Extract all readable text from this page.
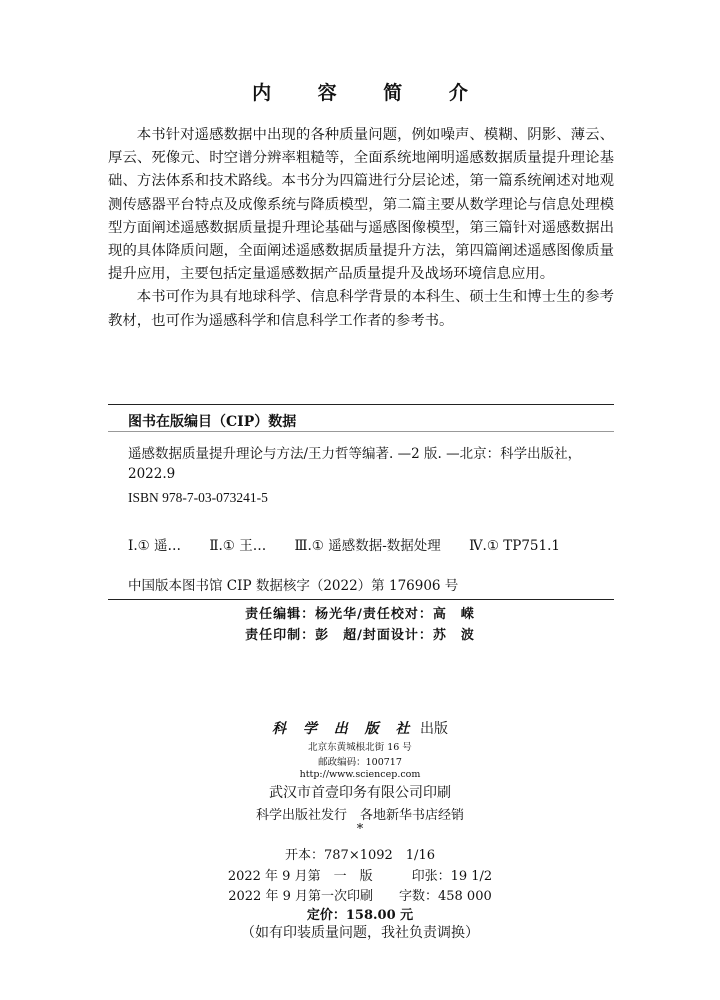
内 容 简 介

本书针对遥感数据中出现的各种质量问题，例如噪声、模糊、阴影、薄云、厚云、死像元、时空谱分辨率粗糙等，全面系统地阐明遥感数据质量提升理论基础、方法体系和技术路线。本书分为四篇进行分层论述，第一篇系统阐述对地观测传感器平台特点及成像系统与降质模型，第二篇主要从数学理论与信息处理模型方面阐述遥感数据质量提升理论基础与遥感图像模型，第三篇针对遥感数据出现的具体降质问题，全面阐述遥感数据质量提升方法，第四篇阐述遥感图像质量提升应用，主要包括定量遥感数据产品质量提升及战场环境信息应用。

本书可作为具有地球科学、信息科学背景的本科生、硕士生和博士生的参考教材，也可作为遥感科学和信息科学工作者的参考书。

图书在版编目（CIP）数据
遥感数据质量提升理论与方法/王力哲等编著. —2 版. —北京：科学出版社，2022.9
ISBN 978-7-03-073241-5
Ⅰ.① 遥… Ⅱ.① 王… Ⅲ.① 遥感数据-数据处理 Ⅳ.① TP751.1
中国版本图书馆 CIP 数据核字（2022）第 176906 号
责任编辑：杨光华/责任校对：高　嵘
责任印制：彭　超/封面设计：苏　波
科 学 出 版 社 出版
北京东黄城根北街 16 号
邮政编码：100717
http://www.sciencep.com
武汉市首壹印务有限公司印刷
科学出版社发行　各地新华书店经销
*
开本：787×1092　1/16
2022 年 9 月第　一　版　　　印张：19 1/2
2022 年 9 月第一次印刷　　字数：458 000
定价：158.00 元
（如有印装质量问题，我社负责调换）
